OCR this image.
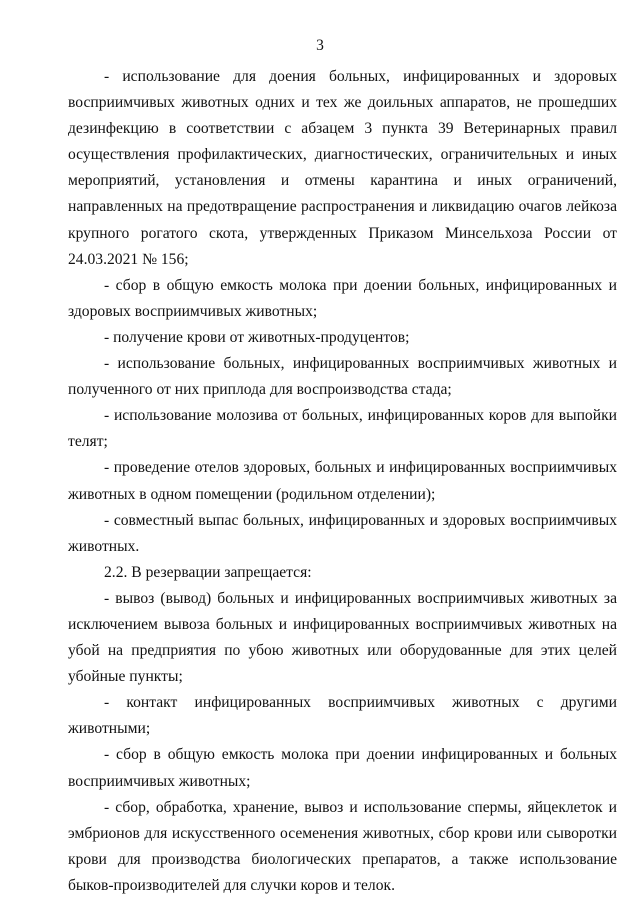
3

- использование для доения больных, инфицированных и здоровых восприимчивых животных одних и тех же доильных аппаратов, не прошедших дезинфекцию в соответствии с абзацем 3 пункта 39 Ветеринарных правил осуществления профилактических, диагностических, ограничительных и иных мероприятий, установления и отмены карантина и иных ограничений, направленных на предотвращение распространения и ликвидацию очагов лейкоза крупного рогатого скота, утвержденных Приказом Минсельхоза России от 24.03.2021 № 156;

- сбор в общую емкость молока при доении больных, инфицированных и здоровых восприимчивых животных;

- получение крови от животных-продуцентов;

- использование больных, инфицированных восприимчивых животных и полученного от них приплода для воспроизводства стада;

- использование молозива от больных, инфицированных коров для выпойки телят;

- проведение отелов здоровых, больных и инфицированных восприимчивых животных в одном помещении (родильном отделении);

- совместный выпас больных, инфицированных и здоровых восприимчивых животных.

2.2. В резервации запрещается:

- вывоз (вывод) больных и инфицированных восприимчивых животных за исключением вывоза больных и инфицированных восприимчивых животных на убой на предприятия по убою животных или оборудованные для этих целей убойные пункты;

- контакт инфицированных восприимчивых животных с другими животными;

- сбор в общую емкость молока при доении инфицированных и больных восприимчивых животных;

- сбор, обработка, хранение, вывоз и использование спермы, яйцеклеток и эмбрионов для искусственного осеменения животных, сбор крови или сыворотки крови для производства биологических препаратов, а также использование быков-производителей для случки коров и телок.
